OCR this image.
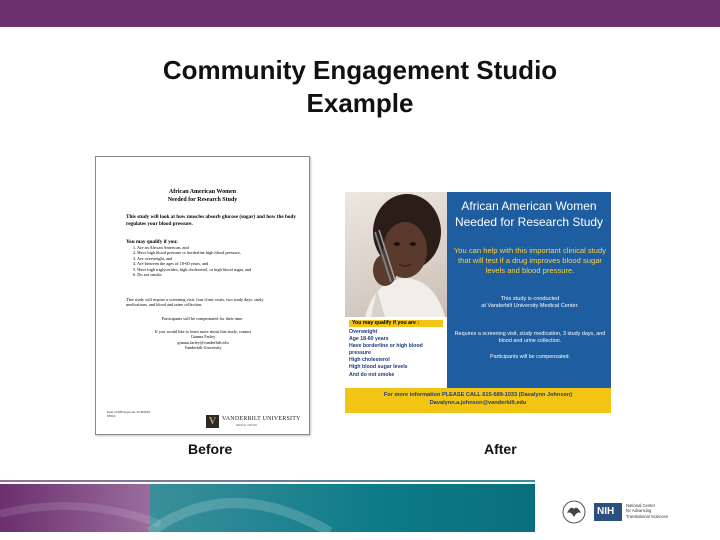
Community Engagement Studio
Example
African American Women
Needed for Research Study
This study will look at how muscles absorb glucose (sugar) and how the body regulates your blood pressure.
You may qualify if you:
1. Are an African American, and
2. Have high blood pressure or borderline high blood pressure,
3. Are overweight, and
4. Are between the ages of 18-60 years, and
5. Have high triglycerides, high cholesterol, or high blood sugar, and
6. Do not smoke.
This study will require a screening visit, four clinic visits, two study days, study medications, and blood and urine collection.
Participants will be compensated for their time.
If you would like to learn more about this study, contact
Gianna Farley
gianna.farley@vanderbilt.edu
Vanderbilt University
Date of IRB Approval: 5/18/2018
5/5/19	V VANDERBILT UNIVERSITY
MEDICAL CENTER
African American Women
Needed for Research Study
You can help with this important clinical study that will test if a drug improves blood sugar levels and blood pressure.
This study is conducted
at Vanderbilt University Medical Center.
You may qualify if you are :
Overweight
Age 18-60 years
Have borderline or high blood pressure
High cholesterol
High blood sugar levels
And do not smoke
Requires a screening visit, study medication, 3 study days, and blood and urine collection.
Participants will be compensated.
For more information PLEASE CALL 615-689-1033 (Davalynn Johnson)
Davalynn.a.johnson@vanderbilt.edu
Before	After
NIH
National Center
for Advancing
Translational Sciences
